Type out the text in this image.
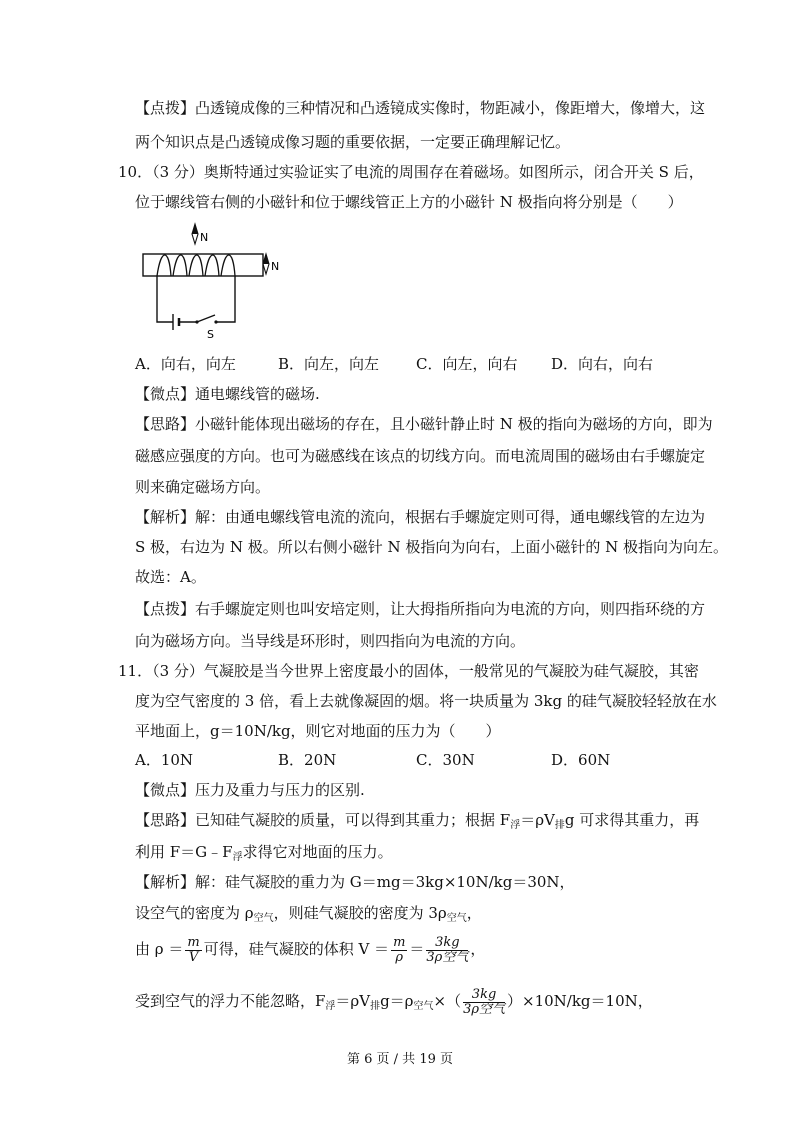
【点拨】凸透镜成像的三种情况和凸透镜成实像时，物距减小，像距增大，像增大，这
两个知识点是凸透镜成像习题的重要依据，一定要正确理解记忆。
10．（3 分）奥斯特通过实验证实了电流的周围存在着磁场。如图所示，闭合开关 S 后，
位于螺线管右侧的小磁针和位于螺线管正上方的小磁针 N 极指向将分别是（　　）
S
N
N
A．向右，向左	B．向左，向左 C．向左，向右 D．向右，向右
【微点】通电螺线管的磁场.
【思路】小磁针能体现出磁场的存在，且小磁针静止时 N 极的指向为磁场的方向，即为
磁感应强度的方向。也可为磁感线在该点的切线方向。而电流周围的磁场由右手螺旋定
则来确定磁场方向。
【解析】解：由通电螺线管电流的流向，根据右手螺旋定则可得，通电螺线管的左边为
S 极，右边为 N 极。所以右侧小磁针 N 极指向为向右，上面小磁针的 N 极指向为向左。
故选：A。
【点拨】右手螺旋定则也叫安培定则，让大拇指所指向为电流的方向，则四指环绕的方
向为磁场方向。当导线是环形时，则四指向为电流的方向。
11．（3 分）气凝胶是当今世界上密度最小的固体，一般常见的气凝胶为硅气凝胶，其密
度为空气密度的 3 倍，看上去就像凝固的烟。将一块质量为 3kg 的硅气凝胶轻轻放在水
平地面上，g＝10N/kg，则它对地面的压力为（　　）
A．10N	B．20N	C．30N	D．60N
【微点】压力及重力与压力的区别.
【思路】已知硅气凝胶的质量，可以得到其重力；根据 $F_浮=\rho V_排g$ 可求得其重力，再
利用 $F=G﹣F_浮$求得它对地面的压力。
【解析】解：硅气凝胶的重力为 G＝mg＝3kg×10N/kg＝30N，
设空气的密度为 $\rho_{空气}$，则硅气凝胶的密度为 $3\rho_{空气}$，
由 $\rho = \frac{m}{V}$ 可得，硅气凝胶的体积 $V = \frac{m}{\rho} = \frac{3kg}{\text{3ρ空气}}$ ，
受到空气的浮力不能忽略，$F_浮=\rho V_排g=\rho_{空气}\times( \frac{3kg}{\text{3ρ空气}} )\times 10N/kg=10N$，
第 6 页 / 共 19 页
